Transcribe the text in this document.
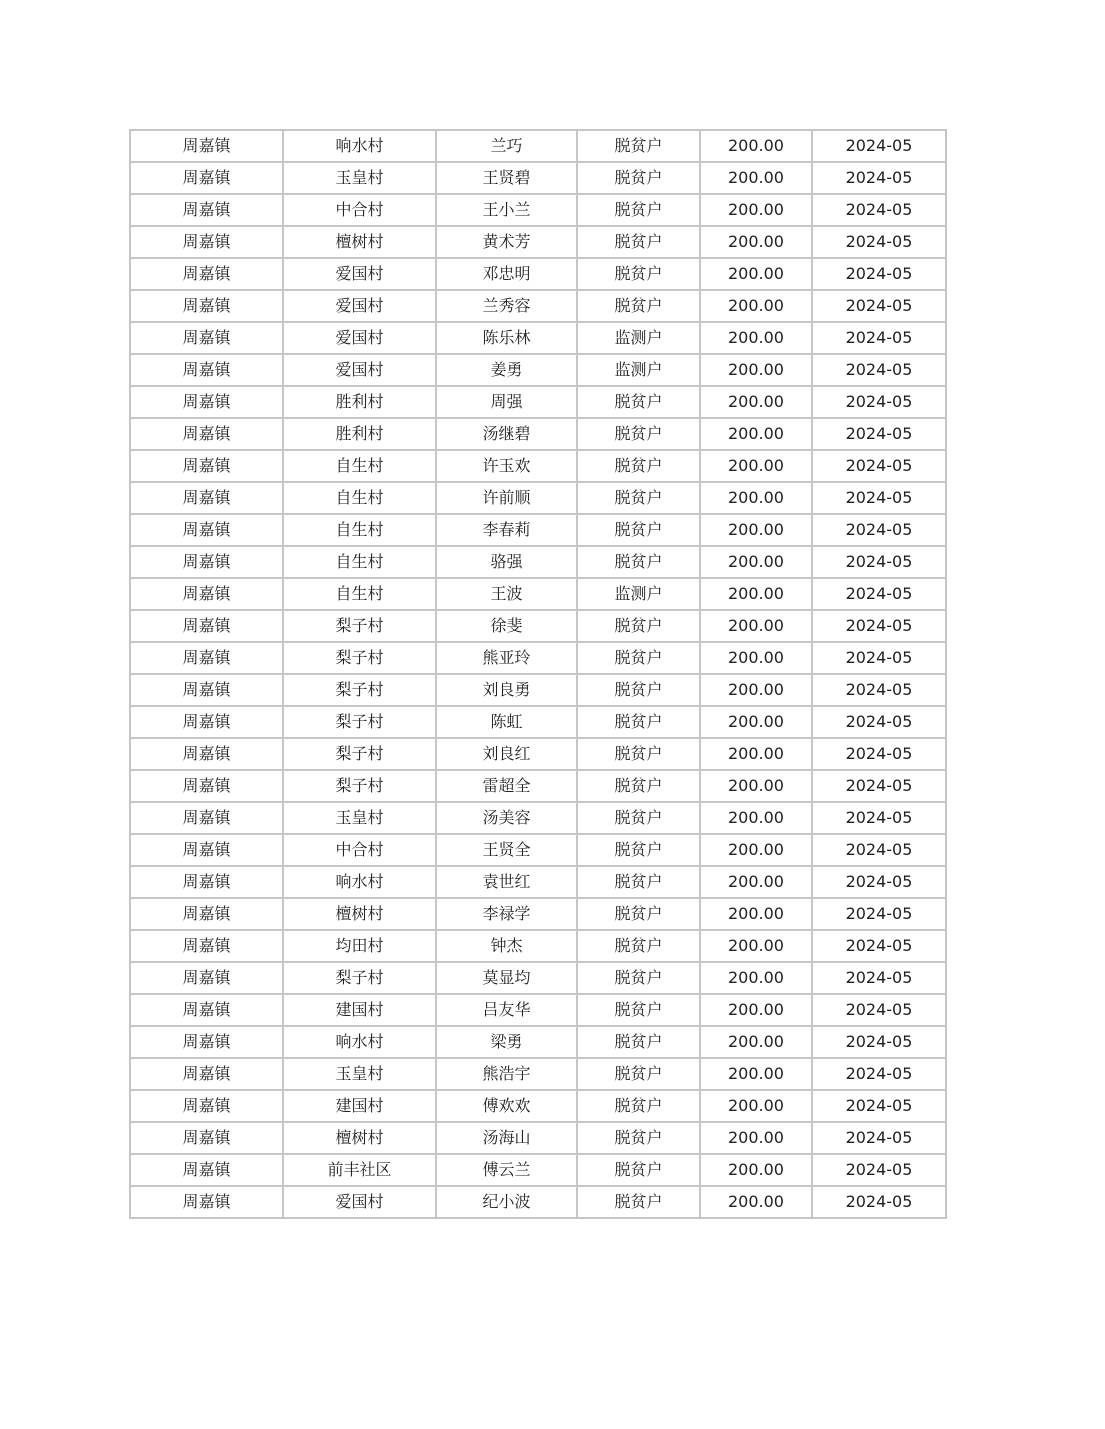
周嘉镇	响水村	兰巧	脱贫户	200.00	2024-05
周嘉镇	玉皇村	王贤碧	脱贫户	200.00	2024-05
周嘉镇	中合村	王小兰	脱贫户	200.00	2024-05
周嘉镇	檀树村	黄术芳	脱贫户	200.00	2024-05
周嘉镇	爱国村	邓忠明	脱贫户	200.00	2024-05
周嘉镇	爱国村	兰秀容	脱贫户	200.00	2024-05
周嘉镇	爱国村	陈乐林	监测户	200.00	2024-05
周嘉镇	爱国村	姜勇	监测户	200.00	2024-05
周嘉镇	胜利村	周强	脱贫户	200.00	2024-05
周嘉镇	胜利村	汤继碧	脱贫户	200.00	2024-05
周嘉镇	自生村	许玉欢	脱贫户	200.00	2024-05
周嘉镇	自生村	许前顺	脱贫户	200.00	2024-05
周嘉镇	自生村	李春莉	脱贫户	200.00	2024-05
周嘉镇	自生村	骆强	脱贫户	200.00	2024-05
周嘉镇	自生村	王波	监测户	200.00	2024-05
周嘉镇	梨子村	徐斐	脱贫户	200.00	2024-05
周嘉镇	梨子村	熊亚玲	脱贫户	200.00	2024-05
周嘉镇	梨子村	刘良勇	脱贫户	200.00	2024-05
周嘉镇	梨子村	陈虹	脱贫户	200.00	2024-05
周嘉镇	梨子村	刘良红	脱贫户	200.00	2024-05
周嘉镇	梨子村	雷超全	脱贫户	200.00	2024-05
周嘉镇	玉皇村	汤美容	脱贫户	200.00	2024-05
周嘉镇	中合村	王贤全	脱贫户	200.00	2024-05
周嘉镇	响水村	袁世红	脱贫户	200.00	2024-05
周嘉镇	檀树村	李禄学	脱贫户	200.00	2024-05
周嘉镇	均田村	钟杰	脱贫户	200.00	2024-05
周嘉镇	梨子村	莫显均	脱贫户	200.00	2024-05
周嘉镇	建国村	吕友华	脱贫户	200.00	2024-05
周嘉镇	响水村	梁勇	脱贫户	200.00	2024-05
周嘉镇	玉皇村	熊浩宇	脱贫户	200.00	2024-05
周嘉镇	建国村	傅欢欢	脱贫户	200.00	2024-05
周嘉镇	檀树村	汤海山	脱贫户	200.00	2024-05
周嘉镇	前丰社区	傅云兰	脱贫户	200.00	2024-05
周嘉镇	爱国村	纪小波	脱贫户	200.00	2024-05
